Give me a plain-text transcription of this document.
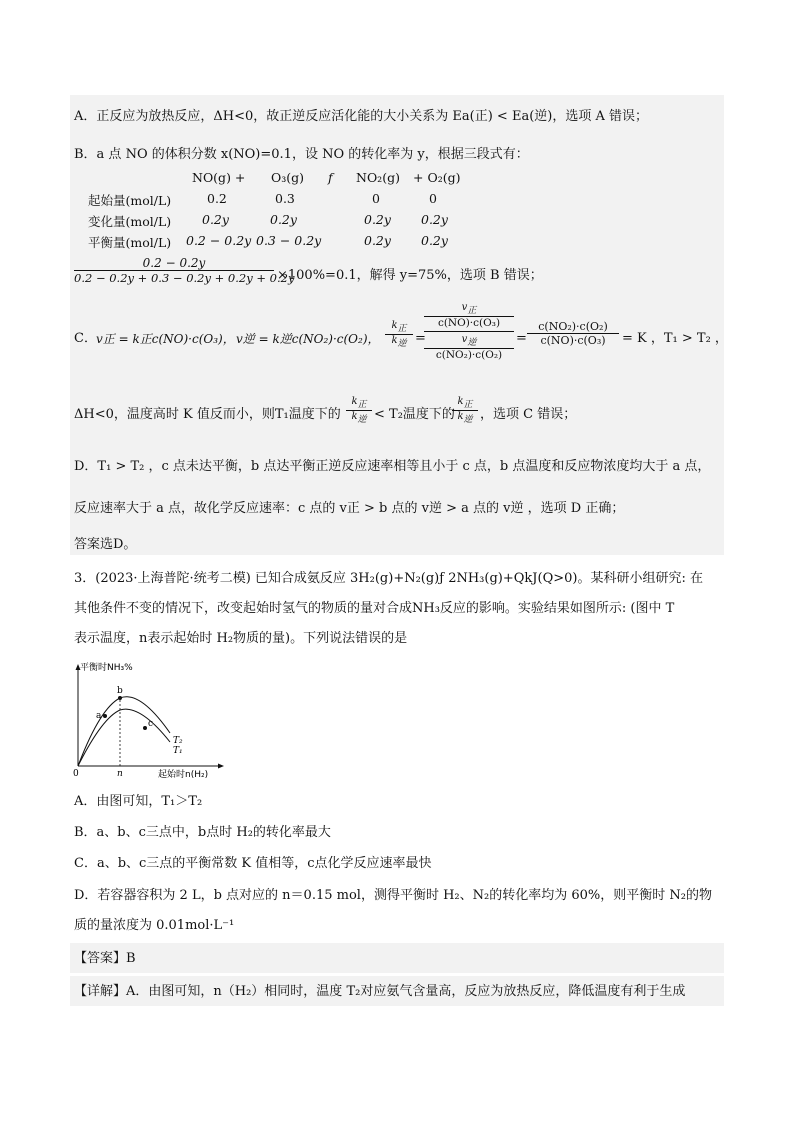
A．正反应为放热反应，ΔH<0，故正逆反应活化能的大小关系为 Ea(正) < Ea(逆)，选项 A 错误；
B．a 点 NO 的体积分数 x(NO)=0.1，设 NO 的转化率为 y，根据三段式有：
NO(g) + O₃(g) f NO₂(g) + O₂(g)
起始量(mol/L)	0.2	0.3	0	0
变化量(mol/L) 0.2y	0.2y	0.2y 0.2y
平衡量(mol/L) 0.2 − 0.2y 0.3 − 0.2y	0.2y 0.2y
0.2 − 0.2y
0.2 − 0.2y + 0.3 − 0.2y + 0.2y + 0.2y
×100%=0.1，解得 y=75%，选项 B 错误；
C． v正 = k正c(NO)·c(O₃)， v逆 = k逆c(NO₂)·c(O₂)，
k正
k逆 =
v正
c(NO)·c(O₃)
v逆
c(NO₂)·c(O₂)
=
c(NO₂)·c(O₂)
c(NO)·c(O₃)	= K ，T₁ > T₂ ，
ΔH<0，温度高时 K 值反而小，则T₁温度下的
k正
k逆 < T₂温度下的
k正
k逆 ，选项 C 错误；
D．T₁ > T₂ ，c 点未达平衡，b 点达平衡正逆反应速率相等且小于 c 点，b 点温度和反应物浓度均大于 a 点，
反应速率大于 a 点，故化学反应速率：c 点的 v正 > b 点的 v逆 > a 点的 v逆 ，选项 D 正确；
答案选D。
3．(2023·上海普陀·统考二模) 已知合成氨反应 3H₂(g)+N₂(g)ƒ 2NH₃(g)+QkJ(Q>0)。某科研小组研究: 在
其他条件不变的情况下，改变起始时氢气的物质的量对合成NH₃反应的影响。实验结果如图所示: (图中 T
表示温度，n表示起始时 H₂物质的量)。下列说法错误的是
平衡时NH₃%
a
b
c
T₂
T₁
0	n	起始时n(H₂)
A．由图可知，T₁＞T₂
B．a、b、c三点中，b点时 H₂的转化率最大
C．a、b、c三点的平衡常数 K 值相等，c点化学反应速率最快
D．若容器容积为 2 L，b 点对应的 n＝0.15 mol，测得平衡时 H₂、N₂的转化率均为 60%，则平衡时 N₂的物
质的量浓度为 0.01mol·L⁻¹
【答案】B
【详解】A．由图可知，n（H₂）相同时，温度 T₂对应氨气含量高，反应为放热反应，降低温度有利于生成
